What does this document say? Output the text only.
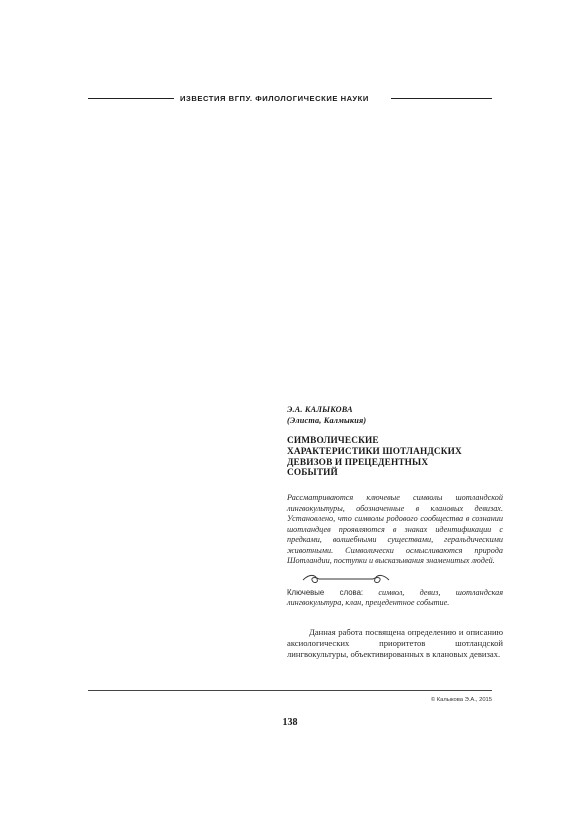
ИЗВЕСТИЯ ВГПУ. ФИЛОЛОГИЧЕСКИЕ НАУКИ
Э.А. КАЛЫКОВА
(Элиста, Калмыкия)
СИМВОЛИЧЕСКИЕ
ХАРАКТЕРИСТИКИ ШОТЛАНДСКИХ
ДЕВИЗОВ И ПРЕЦЕДЕНТНЫХ
СОБЫТИЙ
Рассматриваются ключевые символы шотландской лингвокультуры, обозначенные в клановых девизах. Установлено, что символы родового сообщества в сознании шотландцев проявляются в знаках идентификации с предками, волшебными существами, геральдическими животными. Символически осмысливаются природа Шотландии, поступки и высказывания знаменитых людей.
Ключевые слова: символ, девиз, шотландская лингвокультура, клан, прецедентное событие.
Данная работа посвящена определению и описанию аксиологических приоритетов шотландской лингвокультуры, объективированных в клановых девизах.
© Калыкова Э.А., 2015
138
